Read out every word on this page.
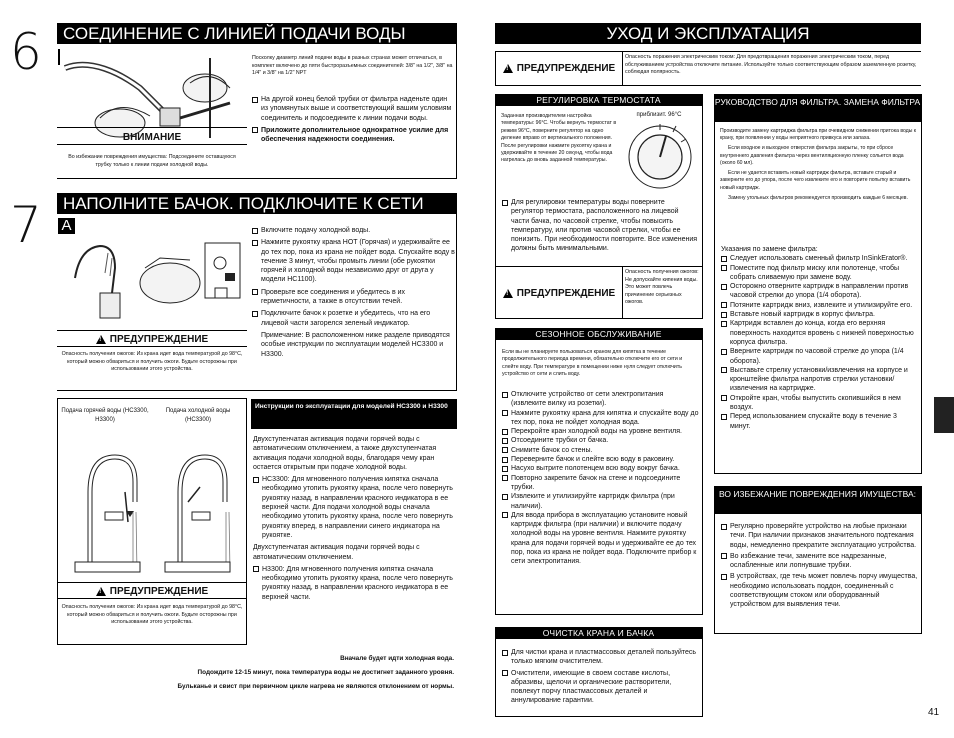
6	СОЕДИНЕНИЕ С ЛИНИЕЙ ПОДАЧИ ВОДЫ
Посколку диаметр линий подачи воды в разных странах может отличаться, в комплект включено до пяти быстроразъемных соединителей: 3/8" на 1/2", 3/8" на 1/4" и 3/8" на 1/2" NPT
На другой конец белой трубки от фильтра наденьте один из упомянутых выше и соответствующий вашим условиям соединитель и подсоедините к линии подачи воды.
Приложите дополнительное однократное усилие для обеспечения надежности соединения.
ВНИМАНИЕ
Во избежание повреждения имущества: Подсоедините оставшуюся трубку только к линии подачи холодной воды.
7	НАПОЛНИТЕ БАЧОК. ПОДКЛЮЧИТЕ К СЕТИ
A	Включите подачу холодной воды.
Нажмите рукоятку крана HOT (Горячая) и удерживайте ее до тех пор, пока из крана не пойдет вода. Спускайте воду в течение 3 минут, чтобы промыть линии (обе рукоятки горячей и холодной воды независимо друг от друга у модели HC1100).
Проверьте все соединения и убедитесь в их герметичности, а также в отсутствии течей.
Подключите бачок к розетке и убедитесь, что на его лицевой части загорелся зеленый индикатор.
Примечание: В расположенном ниже разделе приводятся особые инструкции по эксплуатации моделей HC3300 и H3300.
!
ПРЕДУПРЕЖДЕНИЕ
Опасность получения ожогов: Из крана идет вода температурой до 98°С, который можно обвариться и получить ожоги. Будьте осторожны при использовании этого устройства.
Подача горячей воды (HC3300, H3300)
Подача холодной воды (HC3300)
!
ПРЕДУПРЕЖДЕНИЕ
Опасность получения ожогов: Из крана идет вода температурой до 98°С, который можно обвариться и получить ожоги. Будьте осторожны при использовании этого устройства.
Инструкции по эксплуатации для моделей HC3300 и H3300
Двухступенчатая активация подачи горячей воды с автоматическим отключением, а также двухступенчатая активация подачи холодной воды, благодаря чему кран остается открытым при подаче холодной воды.
HC3300: Для мгновенного получения кипятка сначала необходимо утопить рукоятку крана, после чего повернуть рукоятку назад, в направлении красного индикатора в ее верхней части. Для подачи холодной воды сначала необходимо утопить рукоятку крана, после чего повернуть рукоятку вперед, в направлении синего индикатора на рукоятке.
Двухступенчатая активация подачи горячей воды с автоматическим отключением.
H3300: Для мгновенного получения кипятка сначала необходимо утопить рукоятку крана, после чего повернуть рукоятку назад, в направлении красного индикатора в ее верхней части.
Вначале будет идти холодная вода.
Подождите 12-15 минут, пока температура воды не достигнет заданного уровня.
Бульканье и свист при первичном цикле нагрева не являются отклонением от нормы.
УХОД И ЭКСПЛУАТАЦИЯ
!
ПРЕДУПРЕЖДЕНИЕ
Опасность поражения электрическим током: Для предотвращения поражения электрическим током, перед обслуживанием устройства отключите питание. Используйте только соответствующим образом заземленную розетку, соблюдая полярность.
РЕГУЛИРОВКА ТЕРМОСТАТА
Заданная производителем настройка температуры: 96°С. Чтобы вернуть термостат в режим 96°С, поверните регулятор на одно деление вправо от вертикального положения. После регулировки нажмите рукоятку крана и удерживайте в течение 20 секунд, чтобы вода нагрелась до вновь заданной температуры.
приблизит. 96°С
Для регулировки температуры воды поверните регулятор термостата, расположенного на лицевой части бачка, по часовой стрелке, чтобы повысить температуру, или против часовой стрелки, чтобы ее понизить. При необходимости повторите. Все изменения должны быть минимальными.
!
ПРЕДУПРЕЖДЕНИЕ
Опасность получения ожогов: Не допускайте кипения воды. Это может повлечь причинение серьезных ожогов.
СЕЗОННОЕ ОБСЛУЖИВАНИЕ
Если вы не планируете пользоваться краном для кипятка в течение продолжительного периода времени, обязательно отключите его от сети и слейте воду. При температуре в помещении ниже нуля следует отключить устройство от сети и слить воду.
Отключите устройство от сети электропитания (извлеките вилку из розетки).
Нажмите рукоятку крана для кипятка и спускайте воду до тех пор, пока не пойдет холодная вода.
Перекройте кран холодной воды на уровне вентиля.
Отсоедините трубки от бачка.
Снимите бачок со стены.
Переверните бачок и слейте всю воду в раковину.
Насухо вытрите полотенцем всю воду вокруг бачка.
Повторно закрепите бачок на стене и подсоедините трубки.
Извлеките и утилизируйте картридж фильтра (при наличии).
Для ввода прибора в эксплуатацию установите новый картридж фильтра (при наличии) и включите подачу холодной воды на уровне вентиля. Нажмите рукоятку крана для подачи горячей воды и удерживайте ее до тех пор, пока из крана не пойдет вода. Подключите прибор к сети электропитания.
ОЧИСТКА КРАНА И БАЧКА
Для чистки крана и пластмассовых деталей пользуйтесь только мягким очистителем.
Очистители, имеющие в своем составе кислоты, абразивы, щелочи и органические растворители, повлекут порчу пластмассовых деталей и аннулирование гарантии.
РУКОВОДСТВО ДЛЯ ФИЛЬТРА. ЗАМЕНА ФИЛЬТРА
Производите замену картриджа фильтра при очевидном снижении притока воды к крану, при появлении у воды неприятного привкуса или запаха.
Если входное и выходное отверстия фильтра закрыты, то при сбросе внутреннего давления фильтра через вентиляционную пленку сольется вода (около 60 мл).
Если не удается вставить новый картридж фильтра, вставьте старый и заверните его до упора, после чего извлеките его и повторите попытку вставить новый картридж.
Замену угольных фильтров рекомендуется производить каждые 6 месяцев.
Указания по замене фильтра:
Следует использовать сменный фильтр InSinkErator®.
Поместите под фильтр миску или полотенце, чтобы собрать сливаемую при замене воду.
Осторожно отверните картридж в направлении против часовой стрелки до упора (1/4 оборота).
Потяните картридж вниз, извлеките и утилизируйте его.
Вставьте новый картридж в корпус фильтра.
Картридж вставлен до конца, когда его верхняя поверхность находится вровень с нижней поверхностью корпуса фильтра.
Вверните картридж по часовой стрелке до упора (1/4 оборота).
Выставьте стрелку установки/извлечения на корпусе и кронштейне фильтра напротив стрелки установки/извлечения на картридже.
Откройте кран, чтобы выпустить скопившийся в нем воздух.
Перед использованием спускайте воду в течение 3 минут.
ВО ИЗБЕЖАНИЕ ПОВРЕЖДЕНИЯ ИМУЩЕСТВА:
Регулярно проверяйте устройство на любые признаки течи. При наличии признаков значительного подтекания воды, немедленно прекратите эксплуатацию устройства.
Во избежание течи, замените все надрезанные, ослабленные или лопнувшие трубки.
В устройствах, где течь может повлечь порчу имущества, необходимо использовать поддон, соединенный с соответствующим стоком или оборудованный устройством для выявления течи.
41
